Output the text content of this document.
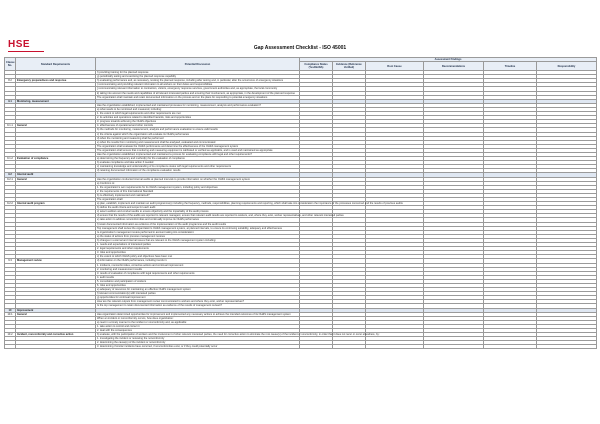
HSE	Gap Assessment Checklist - ISO 45001
Clause No.	Standard Requirements	Potential Discussion	Assessment Findings					
			Compliance Status (Yes/No/NA)	Evidence (Reference Verified)	Root Cause	Recommendations	Timeline	Responsibility
		f) providing training for the planned response						
		g) periodically testing and exercising the planned response capability						
8.2	Emergency preparedness and response	h) evaluating performance and, as necessary, revising the planned response, including after testing and, in particular, after the occurrence of emergency situations						
		i) communicating and providing relevant information to all workers on their duties and responsibilities						
		j) communicating relevant information to contractors, visitors, emergency response services, government authorities and, as appropriate, the local community						
		k) taking into account the needs and capabilities of all relevant interested parties and ensuring their involvement, as appropriate, in the development of the planned response						
		The organization shall maintain and retain documented information on the process and on the plans for responding to potential emergency situations						
9.1	Monitoring, measurement							
		Has the organization established, implemented and maintained processes for monitoring, measurement, analysis and performance evaluation?						
		a) what needs to be monitored and measured, including:						
		1. the extent to which legal requirements and other requirements are met						
		2. its activities and operations related to identified hazards, risks and opportunities						
		3. progress towards achieving the OH&S objectives						
9.1.1	General	4. effectiveness of operational and other controls						
		b) the methods for monitoring, measurement, analysis and performance evaluation to ensure valid results						
		c) the criteria against which the organization will evaluate its OH&S performance						
		d) when the monitoring and measuring shall be performed						
		e) when the results from monitoring and measurement shall be analysed, evaluated and communicated						
		The organization shall evaluate the OH&S performance and determine the effectiveness of the OH&S management system						
		The organization shall ensure that monitoring and measuring equipment is calibrated or verified as applicable, and is used and maintained as appropriate						
		Has the organization established, implemented and maintained a process for evaluating compliance with legal and other requirements?						
9.1.2	Evaluation of compliance	a) determining the frequency and method(s) for the evaluation of compliance						
		b) evaluate compliance and take action if needed						
		c) maintaining knowledge and understanding of its compliance status with legal requirements and other requirements						
		d) retaining documented information of the compliance evaluation results						
9.2	Internal audit							
9.2.1	General	Has the organization conducted internal audits at planned intervals to provide information on whether the OH&S management system						
		a) Conforms to:						
		1. the organization's own requirements for its OH&S management system, including policy and objectives						
		2. the requirements of this International Standard						
		b) is effectively implemented and maintained?						
		The organization shall:						
9.2.2	Internal audit program	a) plan, establish, implement and maintain an audit programme(s) including the frequency, methods, responsibilities, planning requirements and reporting, which shall take into consideration the importance of the processes concerned and the results of previous audits						
		b) define the audit criteria and scope for each audit						
		c) select auditors and conduct audits to ensure objectivity and the impartiality of the audit process						
		d) ensure that the results of the audits are reported to relevant managers; ensure that relevant audit results are reported to workers, and, where they exist, worker representatives, and other relevant interested parties						
		e) take action to address nonconformities and continually improve its OH&S performance						
		f) retain documented information as evidence of the implementation of the audit programme and the audit results						
		Top management shall review the organization's OH&S management system, at planned intervals, to ensure its continuing suitability, adequacy and effectiveness						
		Is organization's management review performed in account taking into consideration:						
		a) the status of actions from previous management reviews						
		b) changes in external and internal issues that are relevant to the OH&S management system including:						
		1. needs and expectations of interested parties						
		2. legal requirements and other requirements						
		3. risks and opportunities						
		c) the extent to which OH&S policy and objectives have been met						
9.3	Management review	d) information on the OH&S performance, including trends in:						
		1. incidents, nonconformities, corrective actions and continual improvement						
		2. monitoring and measurement results						
		3. results of evaluation of compliance with legal requirements and other requirements						
		4. audit results						
		5. consultation and participation of workers						
		6. risks and opportunities						
		e) adequacy of resources for maintaining an effective OH&S management system						
		f) relevant communication(s) with interested parties						
		g) opportunities for continual improvement						
		How are the relevant outputs from management review communicated to workers and where they exist, worker representatives?						
		Is the top management to retain documented information as evidence of the results of management reviews?						
10	Improvement							
10.1	General	Has organization determined opportunities for improvement and implemented any necessary actions to achieve the intended outcomes of its OH&S management system						
		When an incident or nonconformity occurs, how does organization:						
		a) react in a timely manner to the incident or nonconformity and, as applicable:						
		1. take action to control and correct it						
		2. deal with the consequences						
10.2	Incident, nonconformity and corrective action	b) evaluate, with the participation of workers and the involvement of other relevant interested parties, the need for corrective action to eliminate the root cause(s) of the incident or nonconformity, in order that it does not recur or occur elsewhere, by:						
		1. investigating the incident or reviewing the nonconformity						
		2. determining the cause(s) of the incident or nonconformity						
		3. determining if similar incidents have occurred, if nonconformities exist, or if they could potentially occur						
